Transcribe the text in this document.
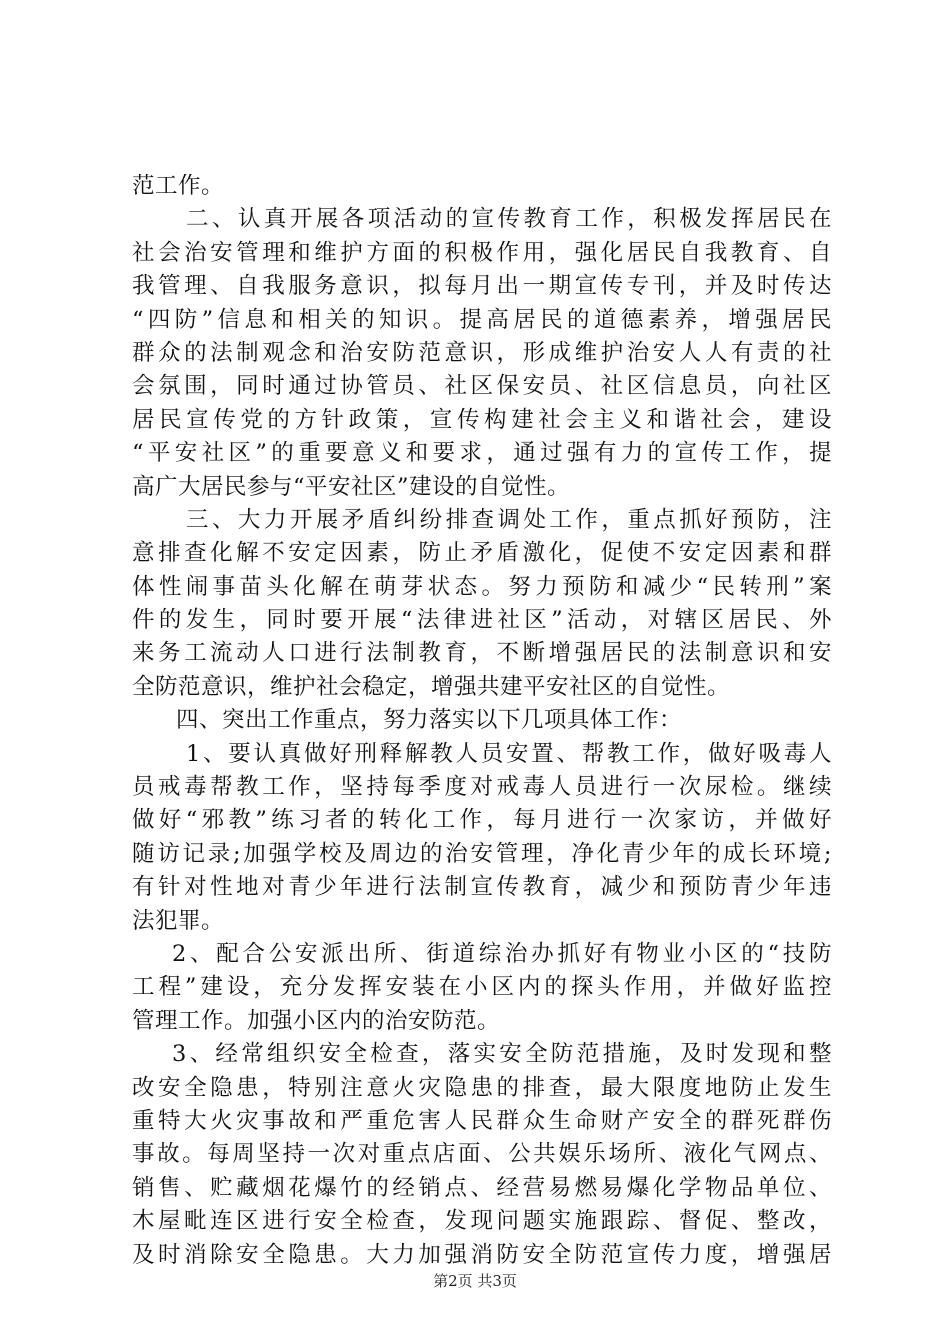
范工作。
二、认真开展各项活动的宣传教育工作，积极发挥居民在
社会治安管理和维护方面的积极作用，强化居民自我教育、自
我管理、自我服务意识，拟每月出一期宣传专刊，并及时传达
“四防”信息和相关的知识。提高居民的道德素养，增强居民
群众的法制观念和治安防范意识，形成维护治安人人有责的社
会氛围，同时通过协管员、社区保安员、社区信息员，向社区
居民宣传党的方针政策，宣传构建社会主义和谐社会，建设
“平安社区”的重要意义和要求，通过强有力的宣传工作，提
高广大居民参与“平安社区”建设的自觉性。
三、大力开展矛盾纠纷排查调处工作，重点抓好预防，注
意排查化解不安定因素，防止矛盾激化，促使不安定因素和群
体性闹事苗头化解在萌芽状态。努力预防和减少“民转刑”案
件的发生，同时要开展“法律进社区”活动，对辖区居民、外
来务工流动人口进行法制教育，不断增强居民的法制意识和安
全防范意识，维护社会稳定，增强共建平安社区的自觉性。
四、突出工作重点，努力落实以下几项具体工作：
1、要认真做好刑释解教人员安置、帮教工作，做好吸毒人
员戒毒帮教工作，坚持每季度对戒毒人员进行一次尿检。继续
做好“邪教”练习者的转化工作，每月进行一次家访，并做好
随访记录;加强学校及周边的治安管理，净化青少年的成长环境;
有针对性地对青少年进行法制宣传教育，减少和预防青少年违
法犯罪。
2、配合公安派出所、街道综治办抓好有物业小区的“技防
工程”建设，充分发挥安装在小区内的探头作用，并做好监控
管理工作。加强小区内的治安防范。
3、经常组织安全检查，落实安全防范措施，及时发现和整
改安全隐患，特别注意火灾隐患的排查，最大限度地防止发生
重特大火灾事故和严重危害人民群众生命财产安全的群死群伤
事故。每周坚持一次对重点店面、公共娱乐场所、液化气网点、
销售、贮藏烟花爆竹的经销点、经营易燃易爆化学物品单位、
木屋毗连区进行安全检查，发现问题实施跟踪、督促、整改，
及时消除安全隐患。大力加强消防安全防范宣传力度，增强居
第2页 共3页
